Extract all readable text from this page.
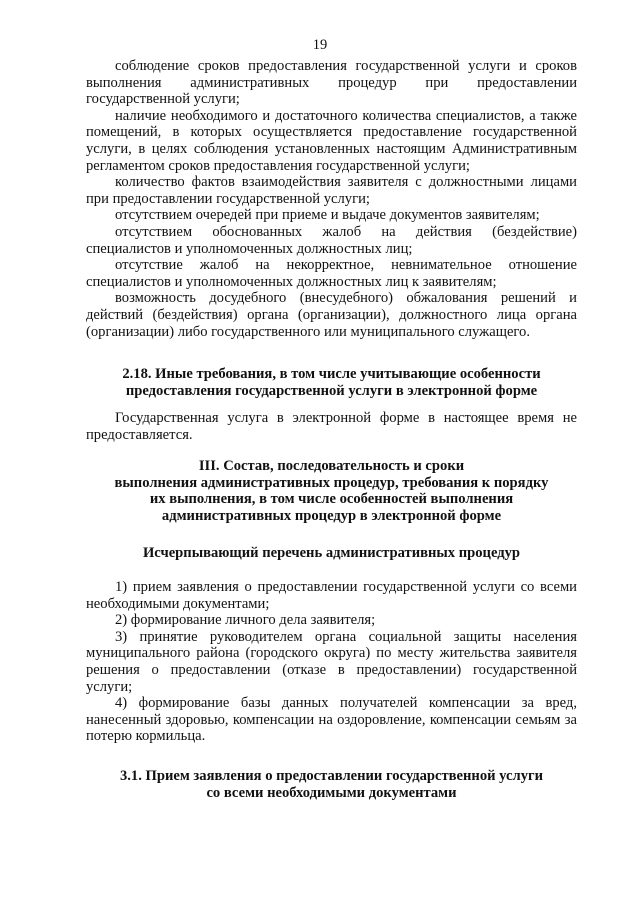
19

соблюдение сроков предоставления государственной услуги и сроков выполнения административных процедур при предоставлении государственной услуги;

наличие необходимого и достаточного количества специалистов, а также помещений, в которых осуществляется предоставление государственной услуги, в целях соблюдения установленных настоящим Административным регламентом сроков предоставления государственной услуги;

количество фактов взаимодействия заявителя с должностными лицами при предоставлении государственной услуги;

отсутствием очередей при приеме и выдаче документов заявителям;

отсутствием обоснованных жалоб на действия (бездействие) специалистов и уполномоченных должностных лиц;

отсутствие жалоб на некорректное, невнимательное отношение специалистов и уполномоченных должностных лиц к заявителям;

возможность досудебного (внесудебного) обжалования решений и действий (бездействия) органа (организации), должностного лица органа (организации) либо государственного или муниципального служащего.

2.18. Иные требования, в том числе учитывающие особенности предоставления государственной услуги в электронной форме
Государственная услуга в электронной форме в настоящее время не предоставляется.

III. Состав, последовательность и сроки

выполнения административных процедур, требования к порядку

их выполнения, в том числе особенностей выполнения

административных процедур в электронной форме

Исчерпывающий перечень административных процедур

1) прием заявления о предоставлении государственной услуги со всеми необходимыми документами;

2) формирование личного дела заявителя;

3) принятие руководителем органа социальной защиты населения муниципального района (городского округа) по месту жительства заявителя решения о предоставлении (отказе в предоставлении) государственной услуги;

4) формирование базы данных получателей компенсации за вред, нанесенный здоровью, компенсации на оздоровление, компенсации семьям за потерю кормильца.

3.1. Прием заявления о предоставлении государственной услуги

со всеми необходимыми документами
